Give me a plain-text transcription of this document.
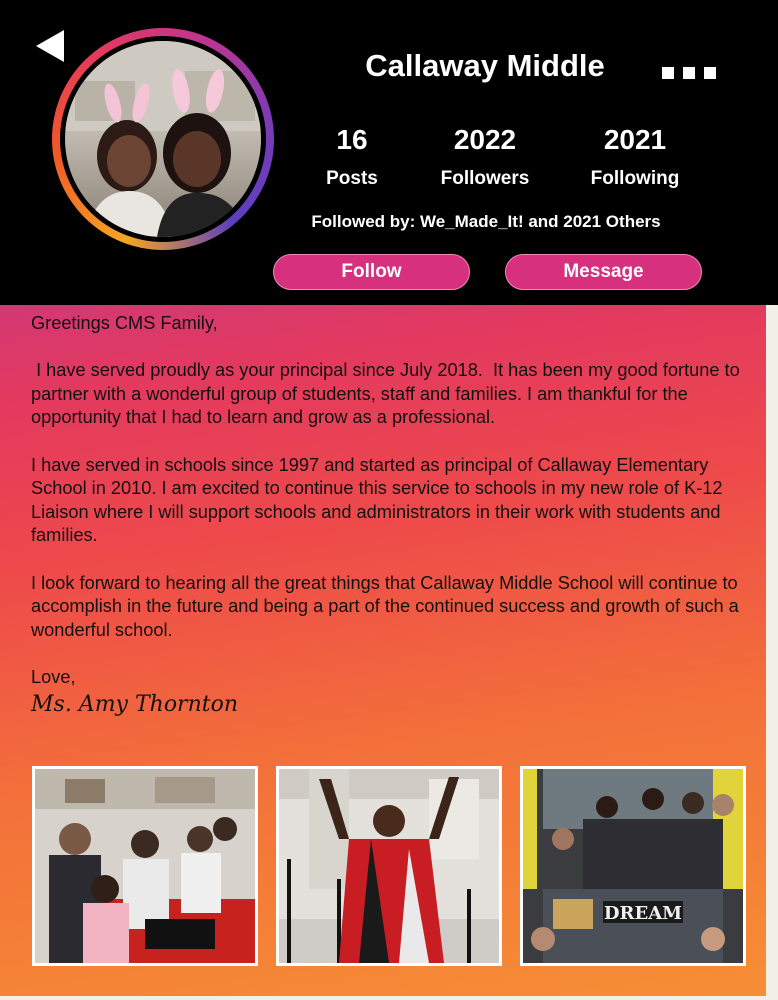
Callaway Middle
16
Posts
2022
Followers
2021
Following
Followed by: We_Made_It! and 2021 Others
Follow	Message

Greetings CMS Family,

I have served proudly as your principal since July 2018.  It has been my good fortune to partner with a wonderful group of students, staff and families. I am thankful for the opportunity that I had to learn and grow as a professional.

I have served in schools since 1997 and started as principal of Callaway Elementary School in 2010. I am excited to continue this service to schools in my new role of K-12 Liaison where I will support schools and administrators in their work with students and families.

I look forward to hearing all the great things that Callaway Middle School will continue to accomplish in the future and being a part of the continued success and growth of such a wonderful school.

Love,

Ms. Amy Thornton
DREAM
